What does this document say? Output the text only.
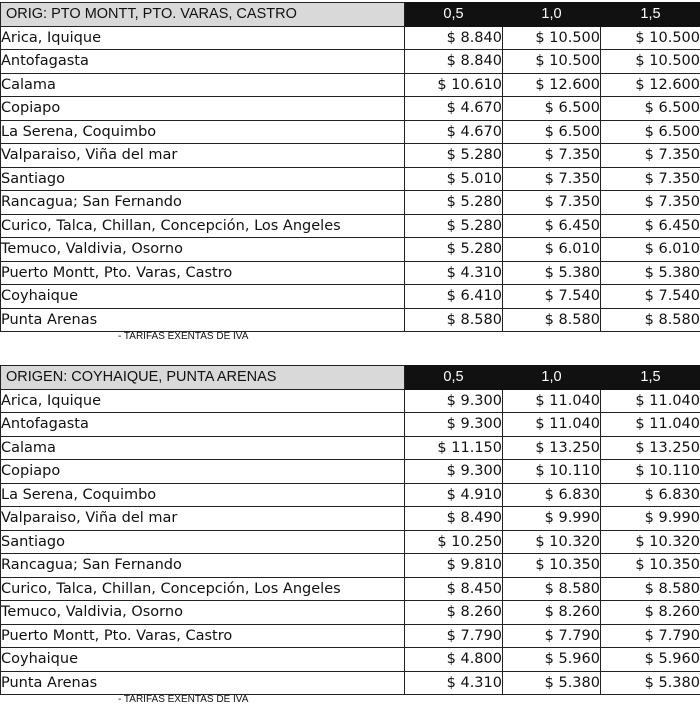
ORIG: PTO MONTT, PTO. VARAS, CASTRO	0,5	1,0	1,5
Arica, Iquique	$ 8.840	$ 10.500	$ 10.500
Antofagasta	$ 8.840	$ 10.500	$ 10.500
Calama	$ 10.610	$ 12.600	$ 12.600
Copiapo	$ 4.670	$ 6.500	$ 6.500
La Serena, Coquimbo	$ 4.670	$ 6.500	$ 6.500
Valparaiso, Viña del mar	$ 5.280	$ 7.350	$ 7.350
Santiago	$ 5.010	$ 7.350	$ 7.350
Rancagua; San Fernando	$ 5.280	$ 7.350	$ 7.350
Curico, Talca, Chillan, Concepción, Los Angeles	$ 5.280	$ 6.450	$ 6.450
Temuco, Valdivia, Osorno	$ 5.280	$ 6.010	$ 6.010
Puerto Montt, Pto. Varas, Castro	$ 4.310	$ 5.380	$ 5.380
Coyhaique	$ 6.410	$ 7.540	$ 7.540
Punta Arenas	$ 8.580	$ 8.580	$ 8.580
- TARIFAS EXENTAS DE IVA
ORIGEN: COYHAIQUE, PUNTA ARENAS	0,5	1,0	1,5
Arica, Iquique	$ 9.300	$ 11.040	$ 11.040
Antofagasta	$ 9.300	$ 11.040	$ 11.040
Calama	$ 11.150	$ 13.250	$ 13.250
Copiapo	$ 9.300	$ 10.110	$ 10.110
La Serena, Coquimbo	$ 4.910	$ 6.830	$ 6.830
Valparaiso, Viña del mar	$ 8.490	$ 9.990	$ 9.990
Santiago	$ 10.250	$ 10.320	$ 10.320
Rancagua; San Fernando	$ 9.810	$ 10.350	$ 10.350
Curico, Talca, Chillan, Concepción, Los Angeles	$ 8.450	$ 8.580	$ 8.580
Temuco, Valdivia, Osorno	$ 8.260	$ 8.260	$ 8.260
Puerto Montt, Pto. Varas, Castro	$ 7.790	$ 7.790	$ 7.790
Coyhaique	$ 4.800	$ 5.960	$ 5.960
Punta Arenas	$ 4.310	$ 5.380	$ 5.380
- TARIFAS EXENTAS DE IVA
